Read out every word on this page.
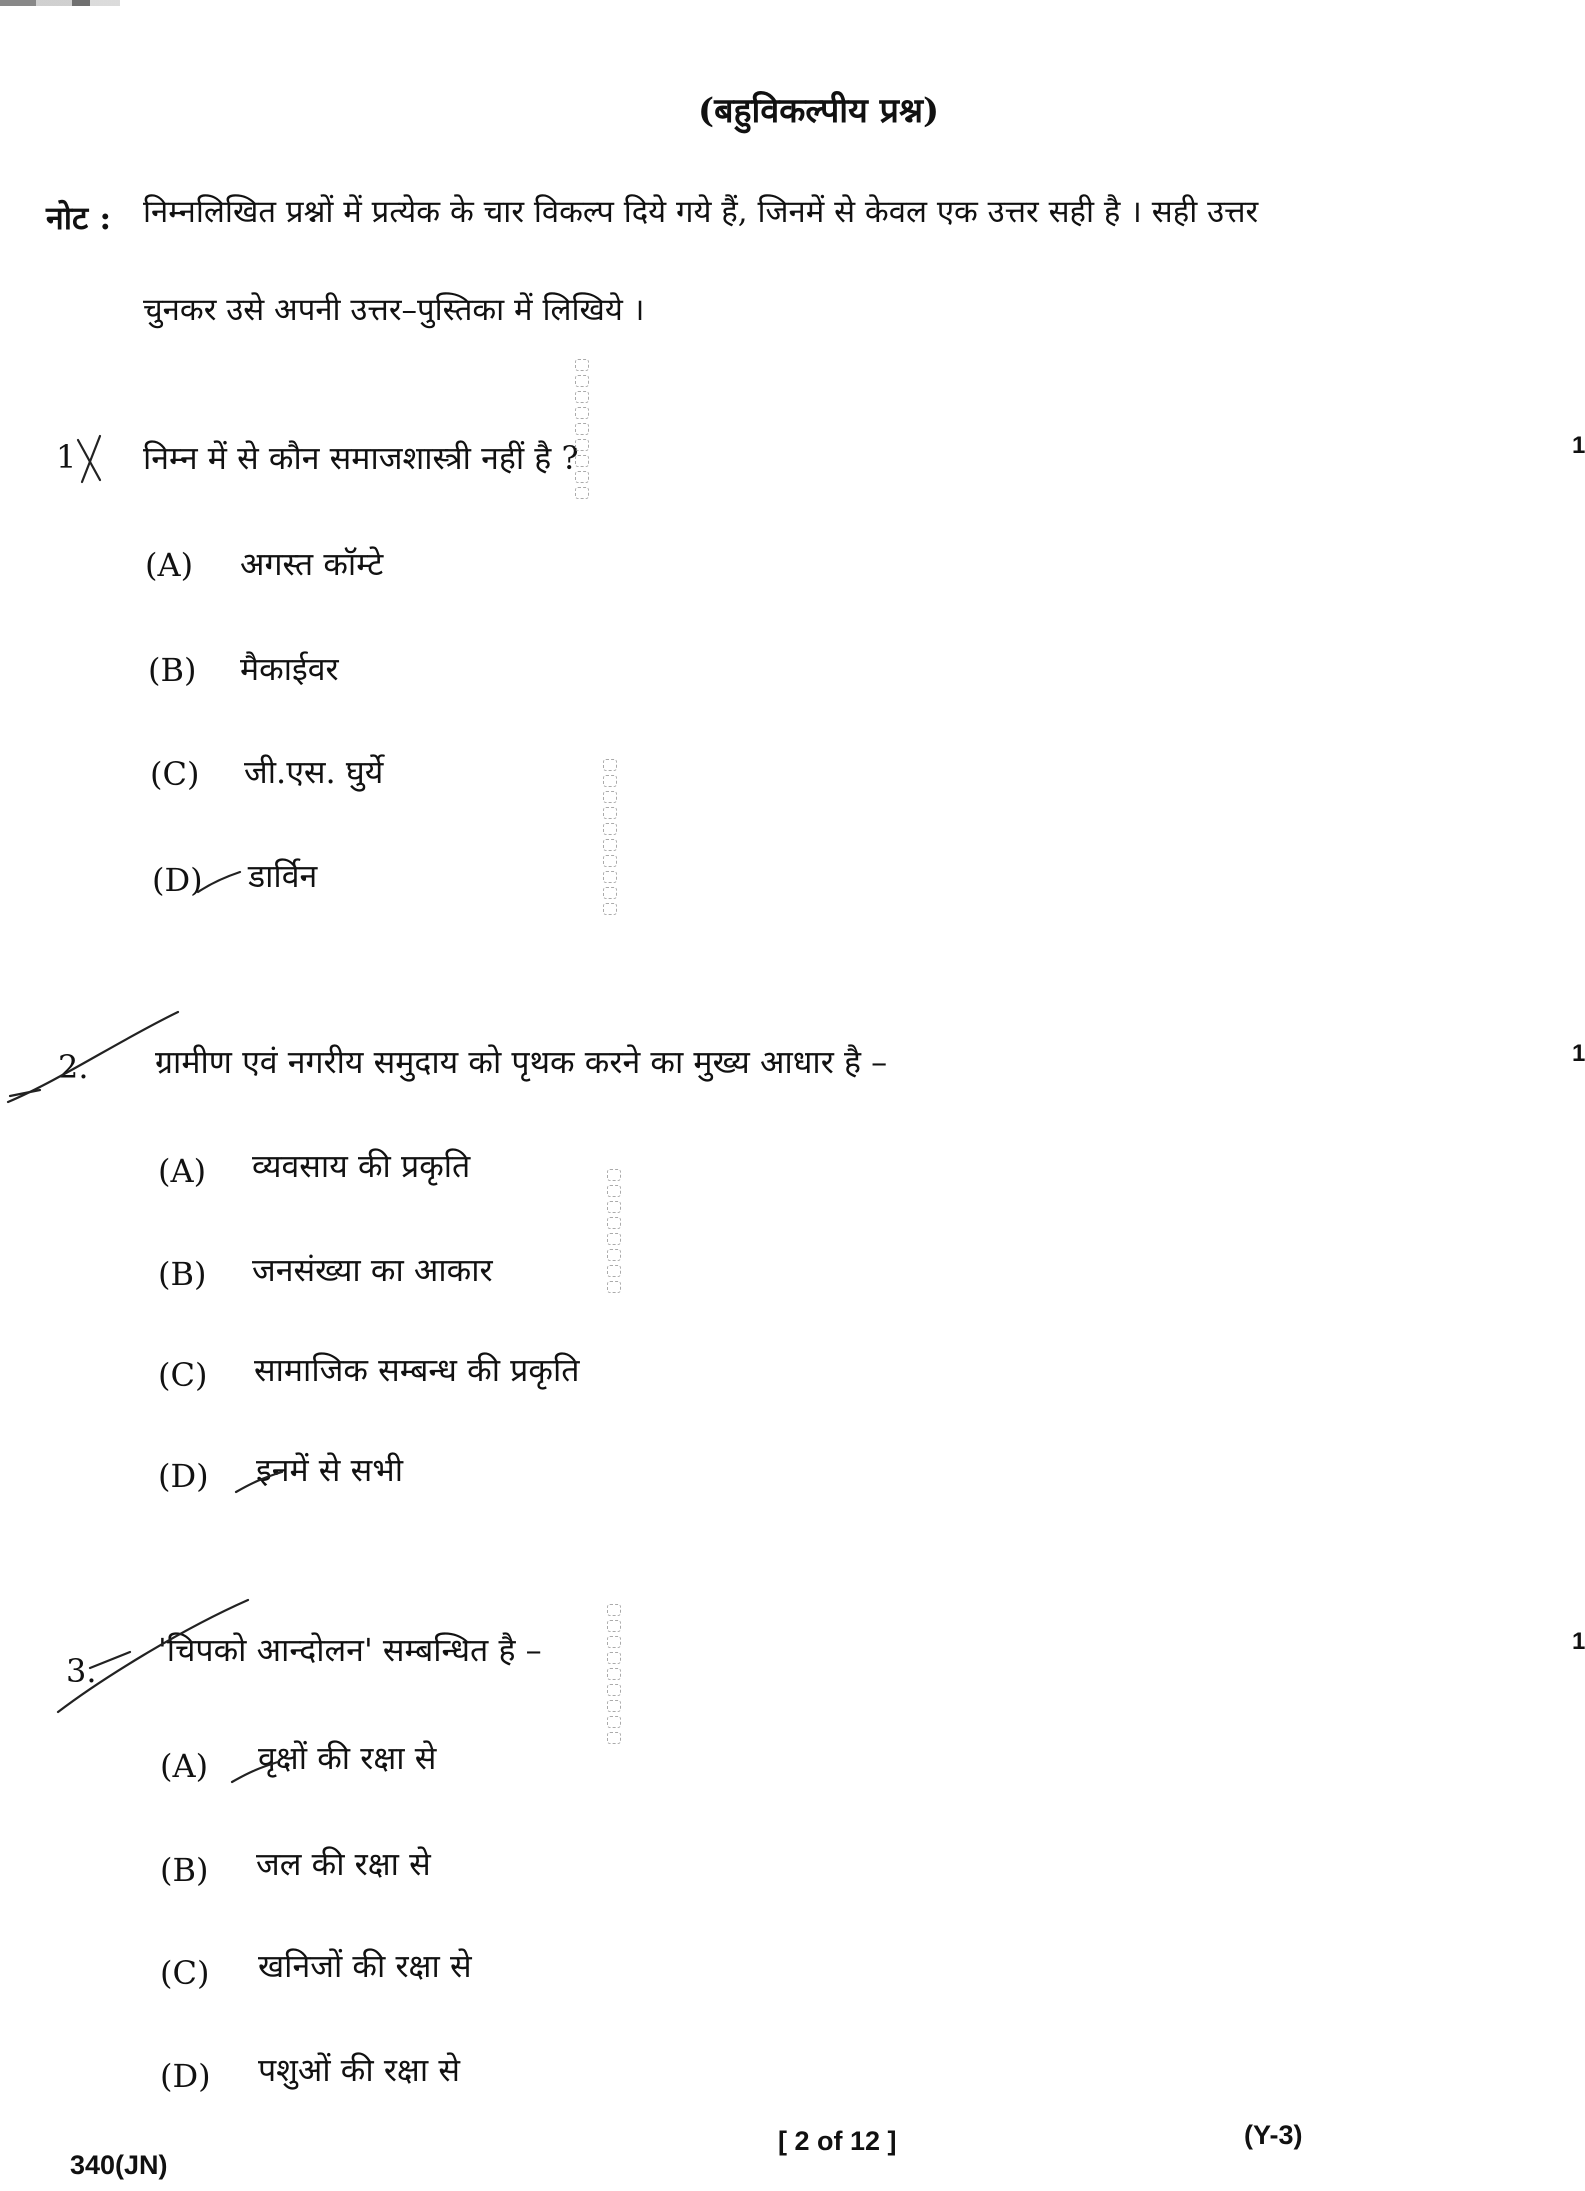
(बहुविकल्पीय प्रश्न)
नोट : निम्नलिखित प्रश्नों में प्रत्येक के चार विकल्प दिये गये हैं, जिनमें से केवल एक उत्तर सही है । सही उत्तर
चुनकर उसे अपनी उत्तर–पुस्तिका में लिखिये ।
1 निम्न में से कौन समाजशास्त्री नहीं है ?	1
(A) अगस्त कॉम्टे
(B) मैकाईवर
(C) जी.एस. घुर्ये
(D) डार्विन
2. ग्रामीण एवं नगरीय समुदाय को पृथक करने का मुख्य आधार है –	1
(A) व्यवसाय की प्रकृति
(B) जनसंख्या का आकार
(C) सामाजिक सम्बन्ध की प्रकृति
(D) इनमें से सभी
3.
'चिपको आन्दोलन' सम्बन्धित है –	1
(A) वृक्षों की रक्षा से
(B) जल की रक्षा से
(C) खनिजों की रक्षा से
(D) पशुओं की रक्षा से
340(JN)
[ 2 of 12 ]	(Y-3)
